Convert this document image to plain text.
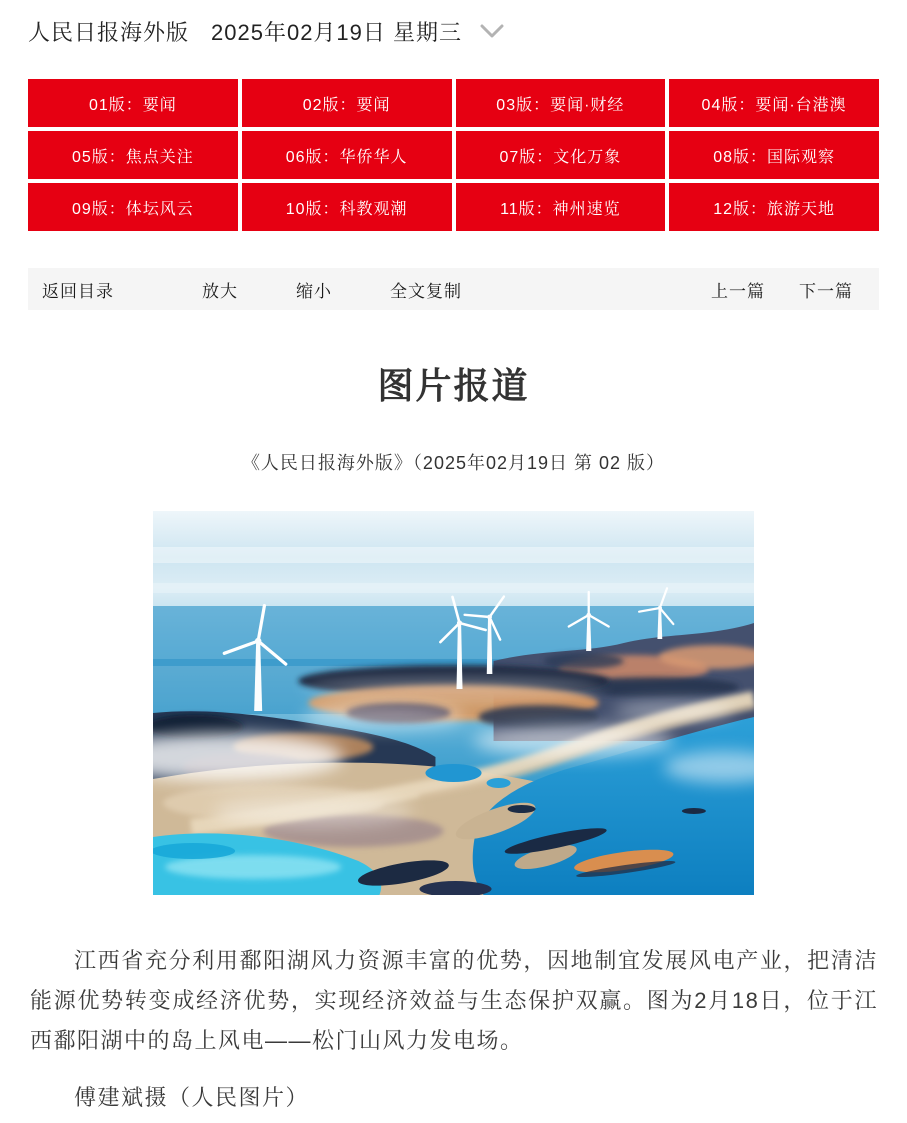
人民日报海外版 2025年02月19日 星期三
01版：要闻	02版：要闻	03版：要闻·财经	04版：要闻·台港澳
05版：焦点关注	06版：华侨华人	07版：文化万象	08版：国际观察
09版：体坛风云	10版：科教观潮	11版：神州速览	12版：旅游天地
返回目录	放大	缩小	全文复制	上一篇 下一篇
图片报道

《人民日报海外版》（2025年02月19日 第 02 版）

江西省充分利用鄱阳湖风力资源丰富的优势，因地制宜发展风电产业，把清洁能源优势转变成经济优势，实现经济效益与生态保护双赢。图为2月18日，位于江西鄱阳湖中的岛上风电——松门山风力发电场。

傅建斌摄（人民图片）
